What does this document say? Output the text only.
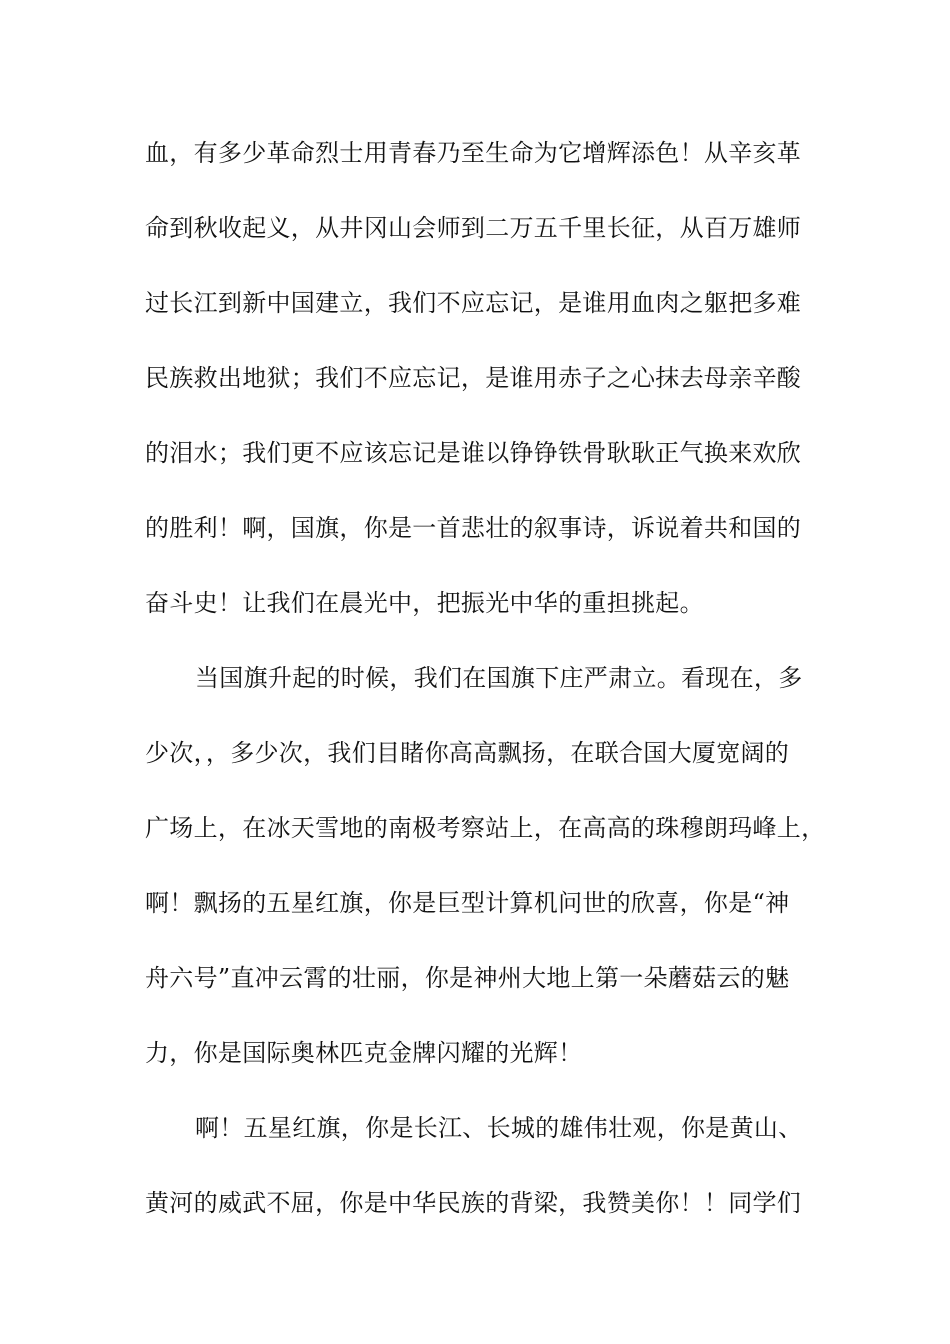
血，有多少革命烈士用青春乃至生命为它增辉添色！从辛亥革
命到秋收起义，从井冈山会师到二万五千里长征，从百万雄师
过长江到新中国建立，我们不应忘记，是谁用血肉之躯把多难
民族救出地狱；我们不应忘记，是谁用赤子之心抹去母亲辛酸
的泪水；我们更不应该忘记是谁以铮铮铁骨耿耿正气换来欢欣
的胜利！啊，国旗，你是一首悲壮的叙事诗，诉说着共和国的
奋斗史！让我们在晨光中，把振光中华的重担挑起。
当国旗升起的时候，我们在国旗下庄严肃立。看现在，多
少次，，多少次，我们目睹你高高飘扬，在联合国大厦宽阔的
广场上，在冰天雪地的南极考察站上，在高高的珠穆朗玛峰上，
啊！飘扬的五星红旗，你是巨型计算机问世的欣喜，你是“神
舟六号”直冲云霄的壮丽，你是神州大地上第一朵蘑菇云的魅
力，你是国际奥林匹克金牌闪耀的光辉！
啊！五星红旗，你是长江、长城的雄伟壮观，你是黄山、
黄河的威武不屈，你是中华民族的背梁，我赞美你！！同学们
